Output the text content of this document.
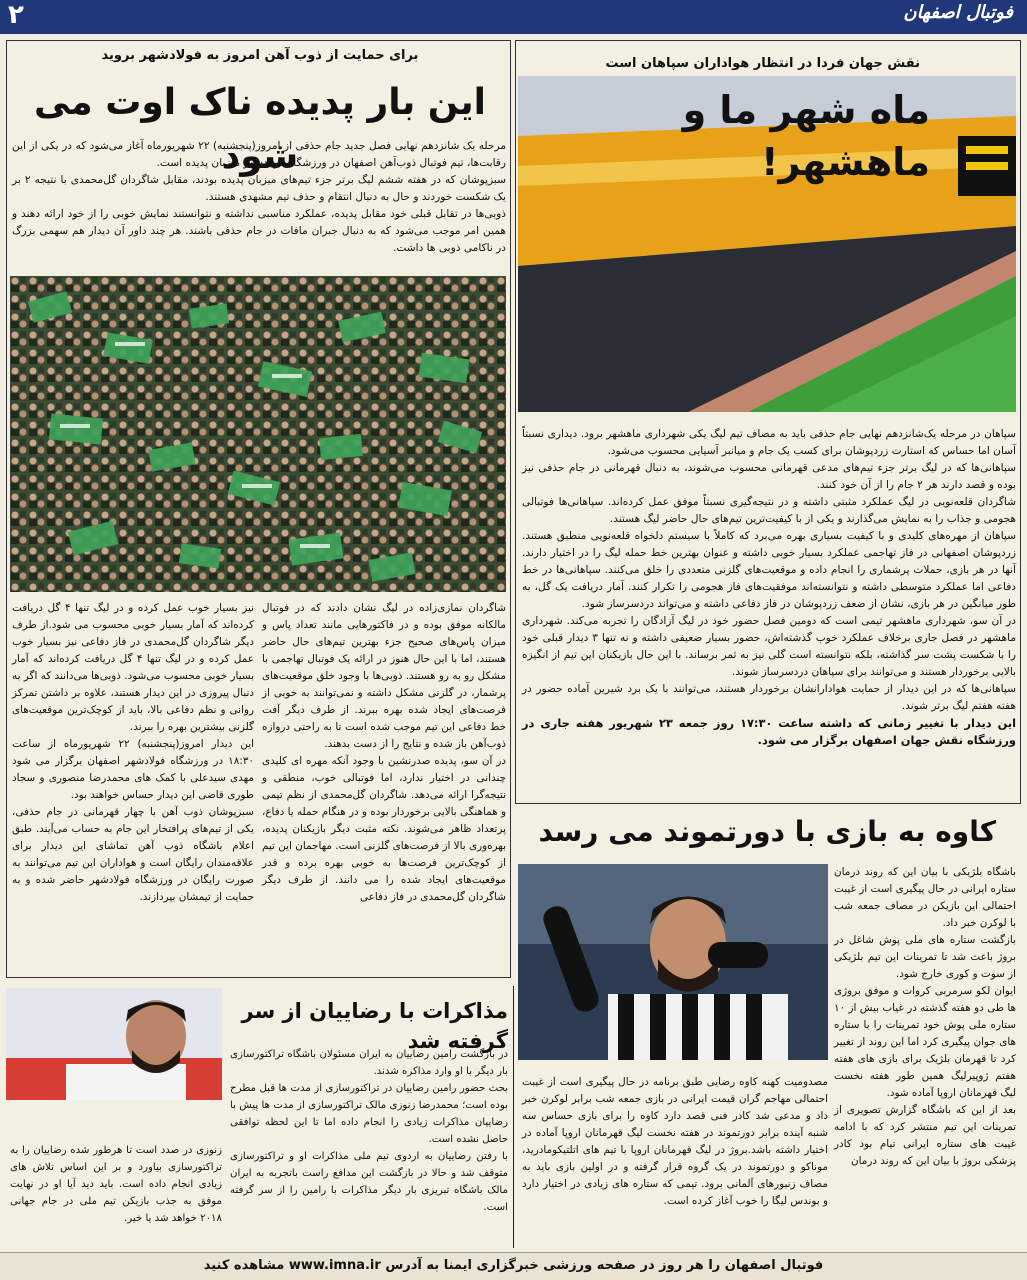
فوتبال اصفهان
۲
برای حمایت از ذوب آهن امروز به فولادشهر بروید
این بار پدیده ناک اوت می شود

مرحله یک شانزدهم نهایی فصل جدید جام حذفی از امروز(پنجشنبه) ۲۲ شهریورماه آغاز می‌شود که در یکی از این رقابت‌ها، تیم فوتبال ذوب‌آهن اصفهان در ورزشگاه فولادشهر میزبان پدیده است.

سبزپوشان که در هفته ششم لیگ برتر جزء تیم‌های میزبان پدیده بودند، مقابل شاگردان گل‌محمدی با نتیجه ۲ بر یک شکست خوردند و حال به دنبال انتقام و حذف تیم مشهدی هستند.

ذوبی‌ها در تقابل قبلی خود مقابل پدیده، عملکرد مناسبی نداشته و نتوانستند نمایش خوبی را از خود ارائه دهند و همین امر موجب می‌شود که به دنبال جبران مافات در جام حذفی باشند. هر چند داور آن دیدار هم سهمی بزرگ در ناکامی ذوبی ها داشت.

شاگردان نمازی‌زاده در لیگ نشان دادند که در فوتبال مالکانه موفق بوده و در فاکتورهایی مانند تعداد پاس و میزان پاس‌های صحیح جزء بهترین تیم‌های حال حاضر هستند، اما با این حال هنوز در ارائه یک فوتبال تهاجمی با مشکل رو به رو هستند. ذوبی‌ها با وجود خلق موقعیت‌های پرشمار، در گلزنی مشکل داشته و نمی‌توانند به خوبی از فرصت‌های ایجاد شده بهره ببرند. از طرف دیگر آفت خط دفاعی این تیم موجب شده است تا به راحتی دروازه ذوب‌آهن باز شده و نتایج را از دست بدهند.

در آن سو، پدیده صدرنشین با وجود آنکه مهره ای کلیدی چندانی در اختیار ندارد، اما فوتبالی خوب، منطقی و نتیجه‌گرا ارائه می‌دهد. شاگردان گل‌محمدی از نظم تیمی و هماهنگی بالایی برخوردار بوده و در هنگام حمله یا دفاع، پرتعداد ظاهر می‌شوند. نکته مثبت دیگر بازیکنان پدیده، بهره‌وری بالا از فرصت‌های گلزنی است. مهاجمان این تیم از کوچک‌ترین فرصت‌ها به خوبی بهره برده و قدر موقعیت‌های ایجاد شده را می دانند. از طرف دیگر شاگردان گل‌محمدی در فاز دفاعی

نیز بسیار خوب عمل کرده و در لیگ تنها ۴ گل دریافت کرده‌اند که آمار بسیار خوبی محسوب می شود.از طرف دیگر شاگردان گل‌محمدی در فاز دفاعی نیز بسیار خوب عمل کرده و در لیگ تنها ۴ گل دریافت کرده‌اند که آمار بسیار خوبی محسوب می‌شود. ذوبی‌ها می‌دانند که اگر به دنبال پیروزی در این دیدار هستند، علاوه بر داشتن تمرکز روانی و نظم دفاعی بالا، باید از کوچک‌ترین موقعیت‌های گلزنی بیشترین بهره را ببرند.

این دیدار امروز(پنجشنبه) ۲۲ شهریورماه از ساعت ۱۸:۳۰ در ورزشگاه فولادشهر اصفهان برگزار می شود مهدی سیدعلی با کمک های محمدرضا منصوری و سجاد طوری قاضی این دیدار حساس خواهند بود.

سبزپوشان ذوب آهن با چهار قهرمانی در جام حذفی، یکی از تیم‌های پرافتخار این جام به حساب می‌آیند. طبق اعلام باشگاه ذوب آهن تماشای این دیدار برای علاقه‌مندان رایگان است و هواداران این تیم می‌توانند به صورت رایگان در ورزشگاه فولادشهر حاضر شده و به حمایت از تیمشان بپردازند.

نقش جهان فردا در انتظار هواداران سپاهان است
ماه شهر ما و ماهشهر!

سپاهان در مرحله یک‌شانزدهم نهایی جام حذفی باید به مصاف تیم لیگ یکی شهرداری ماهشهر برود. دیداری نسبتاً آسان اما حساس که استارت زردپوشان برای کسب یک جام و میانبر آسیایی محسوب می‌شود.

سپاهانی‌ها که در لیگ برتر جزء تیم‌های مدعی قهرمانی محسوب می‌شوند، به دنبال قهرمانی در جام حذفی نیز بوده و قصد دارند هر ۲ جام را از آن خود کنند.

شاگردان قلعه‌نویی در لیگ عملکرد مثبتی داشته و در نتیجه‌گیری نسبتاً موفق عمل کرده‌اند. سپاهانی‌ها فوتبالی هجومی و جذاب را به نمایش می‌گذارند و یکی از با کیفیت‌ترین تیم‌های حال حاضر لیگ هستند.

سپاهان از مهره‌های کلیدی و با کیفیت بسیاری بهره می‌برد که کاملاً با سیستم دلخواه قلعه‌نویی منطبق هستند. زردپوشان اصفهانی در فاز تهاجمی عملکرد بسیار خوبی داشته و عنوان بهترین خط حمله لیگ را در اختیار دارند. آنها در هر بازی، حملات پرشماری را انجام داده و موقعیت‌های گلزنی متعددی را خلق می‌کنند. سپاهانی‌ها در خط دفاعی اما عملکرد متوسطی داشته و نتوانسته‌اند موفقیت‌های فاز هجومی را تکرار کنند. آمار دریافت یک گل، به طور میانگین در هر بازی، نشان از ضعف زردپوشان در فاز دفاعی داشته و می‌تواند دردسرساز شود.

در آن سو، شهرداری ماهشهر تیمی است که دومین فصل حضور خود در لیگ آزادگان را تجربه می‌کند. شهرداری ماهشهر در فصل جاری برخلاف عملکرد خوب گذشته‌اش، حضور بسیار ضعیفی داشته و نه تنها ۳ دیدار قبلی خود را با شکست پشت سر گذاشته، بلکه نتوانسته است گلی نیز به ثمر برساند. با این حال بازیکنان این تیم از انگیزه بالایی برخوردار هستند و می‌توانند برای سپاهان دردسرساز شوند.

سپاهانی‌ها که در این دیدار از حمایت هوادارانشان برخوردار هستند، می‌توانند با یک برد شیرین آماده حضور در هفته هفتم لیگ برتر شوند.

این دیدار با تغییر زمانی که داشته ساعت ۱۷:۳۰ روز جمعه ۲۳ شهریور هفته جاری در ورزشگاه نقش جهان اصفهان برگزار می شود.

کاوه به بازی با دورتموند می رسد

باشگاه بلژیکی با بیان این که روند درمان ستاره ایرانی در حال پیگیری است از غیبت احتمالی این بازیکن در مصاف جمعه شب با لوکرن خبر داد.

بازگشت ستاره های ملی پوش شاغل در بروژ باعث شد تا تمرینات این تیم بلژیکی از سوت و کوری خارج شود.

ایوان لکو سرمربی کروات و موفق بروژی ها طی دو هفته گذشته در غیاب بیش از ۱۰ ستاره ملی پوش خود تمرینات را با ستاره های جوان پیگیری کرد اما این روند از تغییر کرد تا قهرمان بلژیک برای بازی های هفته هفتم ژوپیرلیگ همین طور هفته نخست لیگ قهرمانان اروپا آماده شود.

بعد از این که باشگاه گزارش تصویری از تمرینات این تیم منتشر کرد که با ادامه غیبت های ستاره ایرانی تیام بود کادر پزشکی بروژ با بیان این که روند درمان

مصدومیت کهنه کاوه رضایی طبق برنامه در حال پیگیری است از غیبت احتمالی مهاجم گران قیمت ایرانی در بازی جمعه شب برابر لوکرن خبر داد و مدعی شد کادر فنی قصد دارد کاوه را برای بازی حساس سه شنبه آینده برابر دورتموند در هفته نخست لیگ قهرمانان اروپا آماده در اختیار داشته باشد.بروژ در لیگ قهرمانان اروپا با تیم های اتلتیکومادرید، موناکو و دورتموند در یک گروه قرار گرفته و در اولین بازی باید به مصاف زنبورهای آلمانی برود. تیمی که ستاره های زیادی در اختیار دارد و بوندس لیگا را خوب آغاز کرده است.

مذاکرات با رضاییان از سر گرفته شد

در بازگشت رامین رضاییان به ایران مسئولان باشگاه تراکتورسازی بار دیگر با او وارد مذاکره شدند.

بحث حضور رامین رضاییان در تراکتورسازی از مدت ها قبل مطرح بوده است؛ محمدرضا زنوزی مالک تراکتورسازی از مدت ها پیش با رضاییان مذاکرات زیادی را انجام داده اما تا این لحظه توافقی حاصل نشده است.

با رفتن رضاییان به اردوی تیم ملی مذاکرات او و تراکتورسازی متوقف شد و حالا در بازگشت این مدافع راست باتجربه به ایران مالک باشگاه تبریزی بار دیگر مذاکرات با رامین را از سر گرفته است.

زنوزی در صدد است تا هرطور شده رضاییان را به تراکتورسازی بیاورد و بر این اساس تلاش های زیادی انجام داده است. باید دید آیا او در نهایت موفق به جذب بازیکن تیم ملی در جام جهانی ۲۰۱۸ خواهد شد یا خیر.

فوتبال اصفهان را هر روز در صفحه ورزشی خبرگزاری ایمنا به آدرس www.imna.ir مشاهده کنید
